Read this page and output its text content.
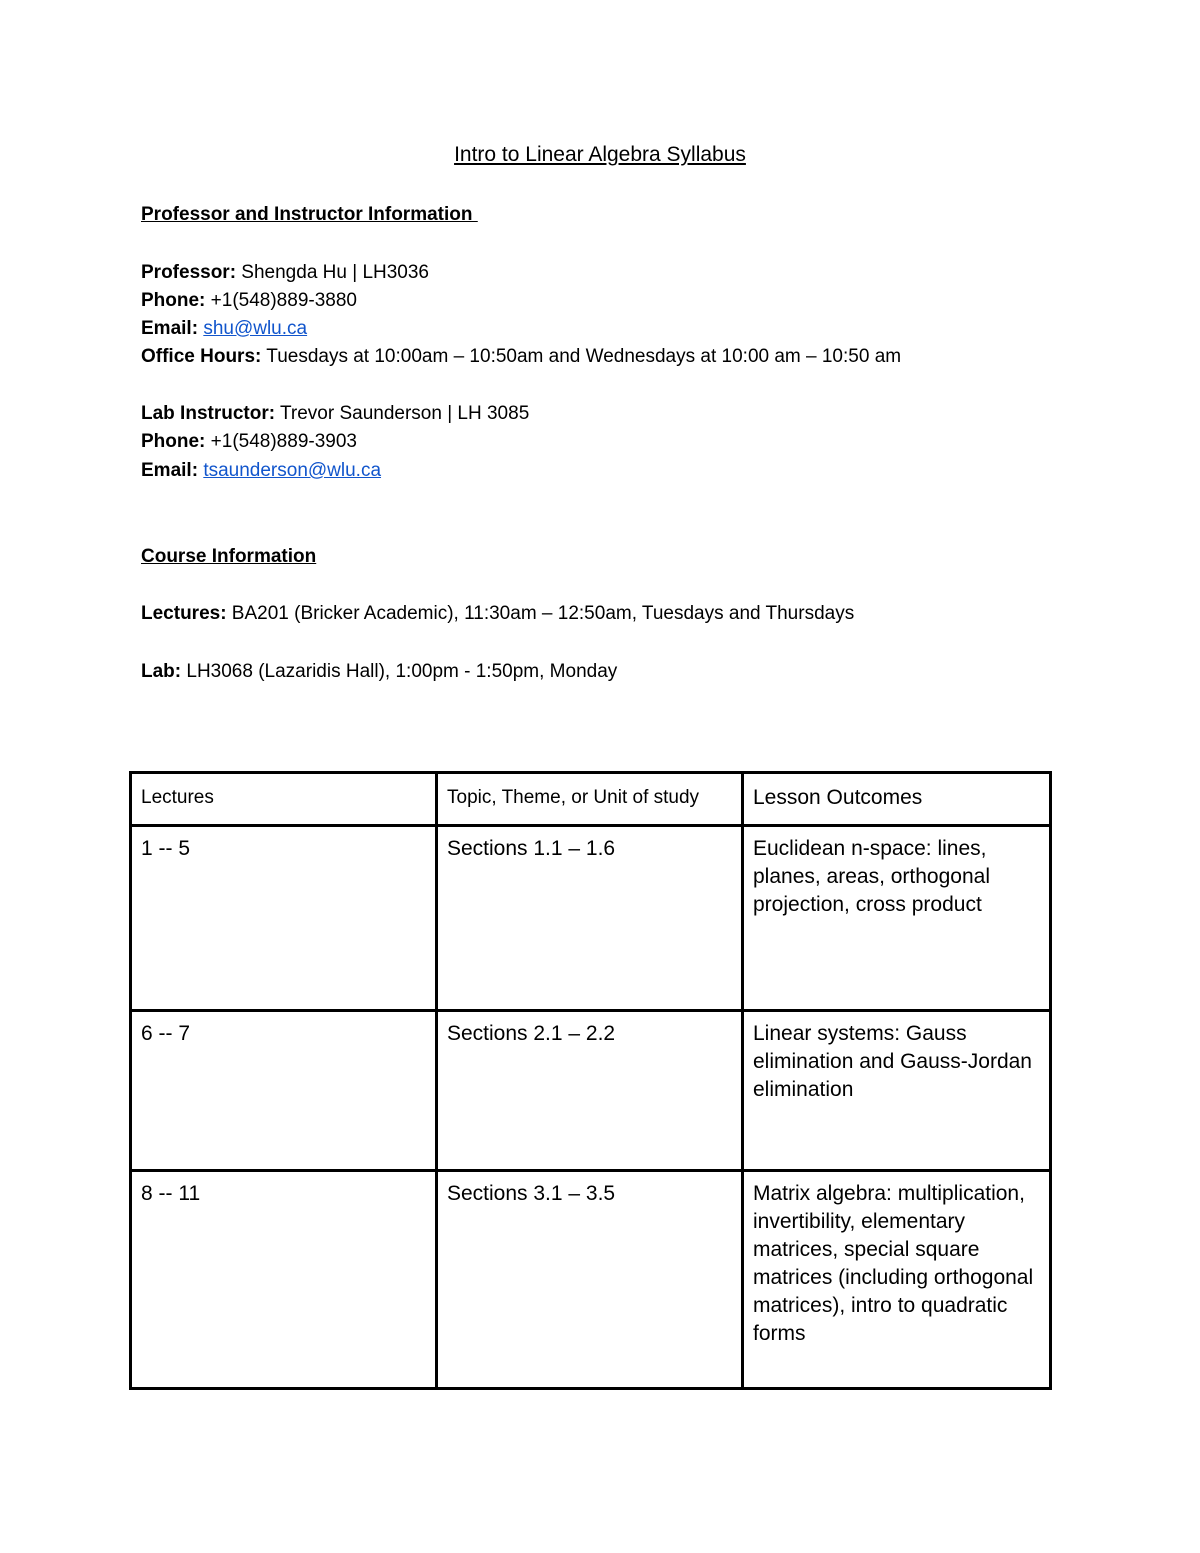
Intro to Linear Algebra Syllabus
Professor and Instructor Information

Professor: Shengda Hu | LH3036

Phone: +1(548)889-3880

Email: shu@wlu.ca

Office Hours: Tuesdays at 10:00am – 10:50am and Wednesdays at 10:00 am – 10:50 am

Lab Instructor: Trevor Saunderson | LH 3085

Phone: +1(548)889-3903

Email: tsaunderson@wlu.ca

Course Information

Lectures: BA201 (Bricker Academic), 11:30am – 12:50am, Tuesdays and Thursdays

Lab: LH3068 (Lazaridis Hall), 1:00pm - 1:50pm, Monday

Lectures	Topic, Theme, or Unit of study	Lesson Outcomes
1 -- 5	Sections 1.1 – 1.6	Euclidean n-space: lines, planes, areas, orthogonal projection, cross product
6 -- 7	Sections 2.1 – 2.2	Linear systems: Gauss elimination and Gauss-Jordan
elimination
8 -- 11	Sections 3.1 – 3.5	Matrix algebra: multiplication, invertibility, elementary matrices, special square matrices (including orthogonal matrices), intro to quadratic forms
